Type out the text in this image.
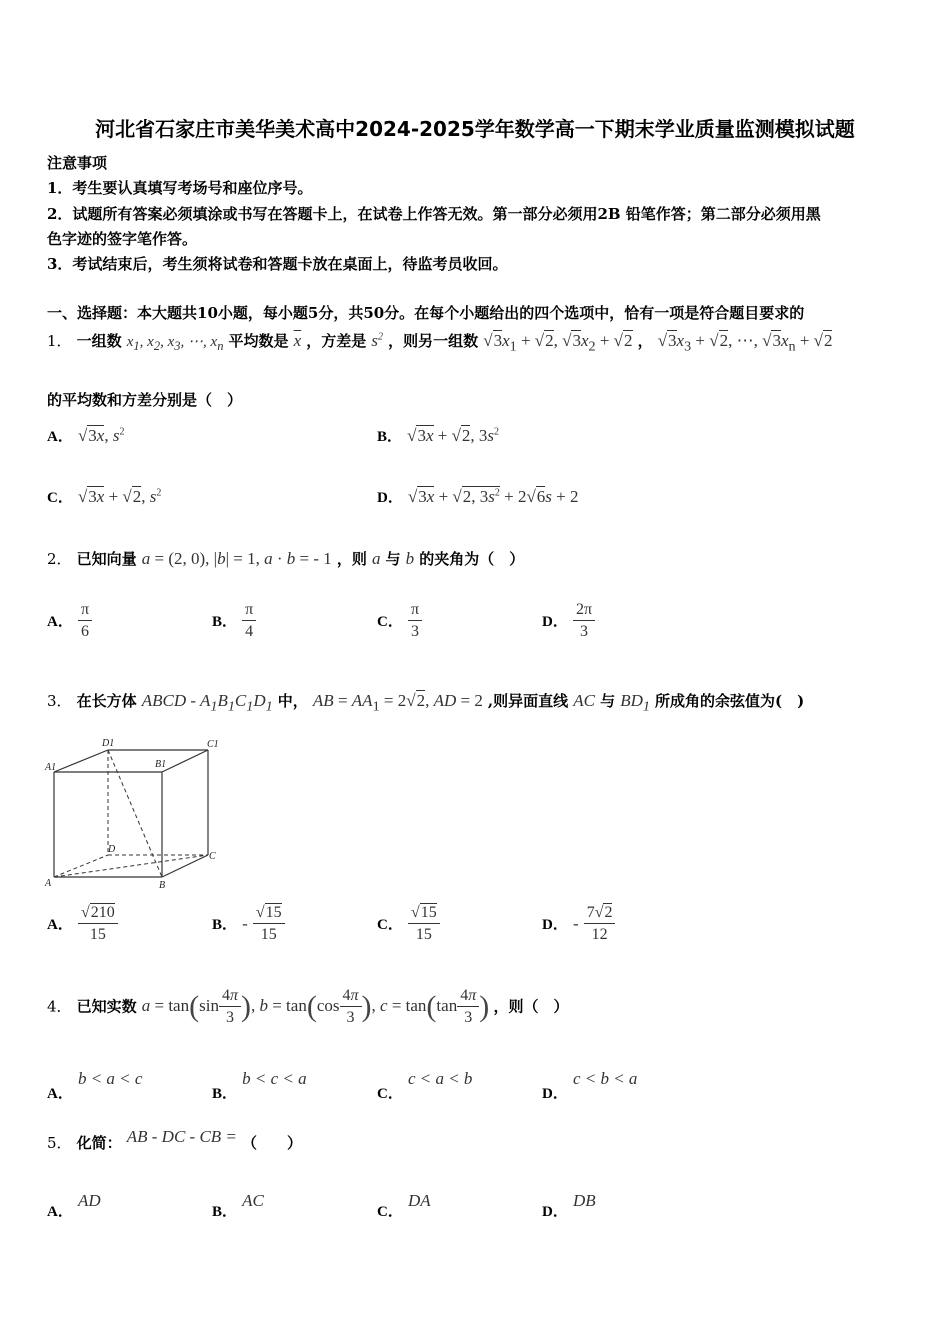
河北省石家庄市美华美术高中2024-2025学年数学高一下期末学业质量监测模拟试题
注意事项
1．考生要认真填写考场号和座位序号。
2．试题所有答案必须填涂或书写在答题卡上，在试卷上作答无效。第一部分必须用2B 铅笔作答；第二部分必须用黑
色字迹的签字笔作答。
3．考试结束后，考生须将试卷和答题卡放在桌面上，待监考员收回。
一、选择题：本大题共10小题，每小题5分，共50分。在每个小题给出的四个选项中，恰有一项是符合题目要求的
1． 一组数 $x_1$, $x_2$, $x_3$, ⋯, $x_n$ 平均数是 $\overline{x}$ ，方差是 $s^2$ ，则另一组数 $√3x_1 + √2$, $√3x_2 + √2$ ， $√3x_3 + √2$, ⋯, $√3x_n + √2$
的平均数和方差分别是（　）
A． √3x, $s^2$	B． √3x + √2, $3s^2$
C． √3x + √2, $s^2$	D． √3x + √2, $3s^2 + 2√6s + 2$
2． 已知向量 a = (2, 0), |b| = 1, a · b = - 1 ，则 a 与 b 的夹角为（　）
A． $\frac{\pi}{6}$	B． $\frac{\pi}{4}$	C． $\frac{\pi}{3}$	D． $\frac{2\pi}{3}$
3． 在长方体 ABCD - $A_1B_1C_1D_1$ 中， AB = $AA_1 = 2√2$, AD = 2 ,则异面直线 AC 与 $BD_1$ 所成角的余弦值为(　)
D1	C1
A1	B1
D
C
A	B
A． $\frac{√210}{15}$	B． - $\frac{√15}{15}$	C． $\frac{√15}{15}$	D． - $\frac{7√2}{12}$
4． 已知实数 $a = \tan(\sin \frac{4\pi}{3}$ ), $b = \tan(\cos \frac{4\pi}{3}$ ), $c = \tan(\tan \frac{4\pi}{3}$ ) ，则（　）
A． b < a < c
B． b < c < a
C． c < a < b
D． c < b < a
5． 化简： AB - DC - CB = （　　）
A． AD
B． AC
C． DA
D． DB
